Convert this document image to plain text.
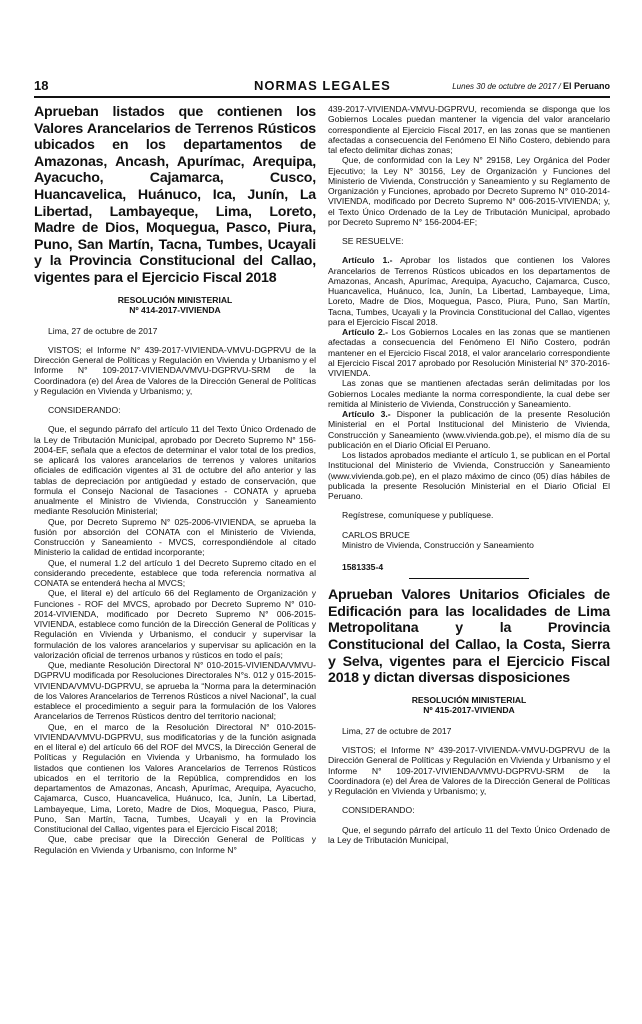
18	NORMAS LEGALES	Lunes 30 de octubre de 2017 / El Peruano
Aprueban listados que contienen los Valores Arancelarios de Terrenos Rústicos ubicados en los departamentos de Amazonas, Ancash, Apurímac, Arequipa, Ayacucho, Cajamarca, Cusco, Huancavelica, Huánuco, Ica, Junín, La Libertad, Lambayeque, Lima, Loreto, Madre de Dios, Moquegua, Pasco, Piura, Puno, San Martín, Tacna, Tumbes, Ucayali y la Provincia Constitucional del Callao, vigentes para el Ejercicio Fiscal 2018
RESOLUCIÓN MINISTERIAL
Nº 414-2017-VIVIENDA

Lima, 27 de octubre de 2017

VISTOS; el Informe N° 439-2017-VIVIENDA-VMVU-DGPRVU de la Dirección General de Políticas y Regulación en Vivienda y Urbanismo y el Informe N° 109-2017-VIVIENDA/VMVU-DGPRVU-SRM de la Coordinadora (e) del Área de Valores de la Dirección General de Políticas y Regulación en Vivienda y Urbanismo; y,

CONSIDERANDO:

Que, el segundo párrafo del artículo 11 del Texto Único Ordenado de la Ley de Tributación Municipal, aprobado por Decreto Supremo N° 156-2004-EF, señala que a efectos de determinar el valor total de los predios, se aplicará los valores arancelarios de terrenos y valores unitarios oficiales de edificación vigentes al 31 de octubre del año anterior y las tablas de depreciación por antigüedad y estado de conservación, que formula el Consejo Nacional de Tasaciones - CONATA y aprueba anualmente el Ministro de Vivienda, Construcción y Saneamiento mediante Resolución Ministerial;

Que, por Decreto Supremo N° 025-2006-VIVIENDA, se aprueba la fusión por absorción del CONATA con el Ministerio de Vivienda, Construcción y Saneamiento - MVCS, correspondiéndole al citado Ministerio la calidad de entidad incorporante;

Que, el numeral 1.2 del artículo 1 del Decreto Supremo citado en el considerando precedente, establece que toda referencia normativa al CONATA se entenderá hecha al MVCS;

Que, el literal e) del artículo 66 del Reglamento de Organización y Funciones - ROF del MVCS, aprobado por Decreto Supremo N° 010-2014-VIVIENDA, modificado por Decreto Supremo N° 006-2015-VIVIENDA, establece como función de la Dirección General de Políticas y Regulación en Vivienda y Urbanismo, el conducir y supervisar la formulación de los valores arancelarios y supervisar su aplicación en la valorización oficial de terrenos urbanos y rústicos en todo el país;

Que, mediante Resolución Directoral N° 010-2015-VIVIENDA/VMVU-DGPRVU modificada por Resoluciones Directorales N°s. 012 y 015-2015-VIVIENDA/VMVU-DGPRVU, se aprueba la “Norma para la determinación de los Valores Arancelarios de Terrenos Rústicos a nivel Nacional”, la cual establece el procedimiento a seguir para la formulación de los Valores Arancelarios de Terrenos Rústicos dentro del territorio nacional;

Que, en el marco de la Resolución Directoral N° 010-2015-VIVIENDA/VMVU-DGPRVU, sus modificatorias y de la función asignada en el literal e) del artículo 66 del ROF del MVCS, la Dirección General de Políticas y Regulación en Vivienda y Urbanismo, ha formulado los listados que contienen los Valores Arancelarios de Terrenos Rústicos ubicados en el territorio de la República, comprendidos en los departamentos de Amazonas, Ancash, Apurímac, Arequipa, Ayacucho, Cajamarca, Cusco, Huancavelica, Huánuco, Ica, Junín, La Libertad, Lambayeque, Lima, Loreto, Madre de Dios, Moquegua, Pasco, Piura, Puno, San Martín, Tacna, Tumbes, Ucayali y en la Provincia Constitucional del Callao, vigentes para el Ejercicio Fiscal 2018;

Que, cabe precisar que la Dirección General de Políticas y Regulación en Vivienda y Urbanismo, con Informe N°

439-2017-VIVIENDA-VMVU-DGPRVU, recomienda se disponga que los Gobiernos Locales puedan mantener la vigencia del valor arancelario correspondiente al Ejercicio Fiscal 2017, en las zonas que se mantienen afectadas a consecuencia del Fenómeno El Niño Costero, debiendo para tal efecto delimitar dichas zonas;

Que, de conformidad con la Ley N° 29158, Ley Orgánica del Poder Ejecutivo; la Ley N° 30156, Ley de Organización y Funciones del Ministerio de Vivienda, Construcción y Saneamiento y su Reglamento de Organización y Funciones, aprobado por Decreto Supremo N° 010-2014-VIVIENDA, modificado por Decreto Supremo N° 006-2015-VIVIENDA; y, el Texto Único Ordenado de la Ley de Tributación Municipal, aprobado por Decreto Supremo N° 156-2004-EF;

SE RESUELVE:

Artículo 1.- Aprobar los listados que contienen los Valores Arancelarios de Terrenos Rústicos ubicados en los departamentos de Amazonas, Ancash, Apurímac, Arequipa, Ayacucho, Cajamarca, Cusco, Huancavelica, Huánuco, Ica, Junín, La Libertad, Lambayeque, Lima, Loreto, Madre de Dios, Moquegua, Pasco, Piura, Puno, San Martín, Tacna, Tumbes, Ucayali y la Provincia Constitucional del Callao, vigentes para el Ejercicio Fiscal 2018.

Artículo 2.- Los Gobiernos Locales en las zonas que se mantienen afectadas a consecuencia del Fenómeno El Niño Costero, podrán mantener en el Ejercicio Fiscal 2018, el valor arancelario correspondiente al Ejercicio Fiscal 2017 aprobado por Resolución Ministerial N° 370-2016-VIVIENDA.

Las zonas que se mantienen afectadas serán delimitadas por los Gobiernos Locales mediante la norma correspondiente, la cual debe ser remitida al Ministerio de Vivienda, Construcción y Saneamiento.

Artículo 3.- Disponer la publicación de la presente Resolución Ministerial en el Portal Institucional del Ministerio de Vivienda, Construcción y Saneamiento (www.vivienda.gob.pe), el mismo día de su publicación en el Diario Oficial El Peruano.

Los listados aprobados mediante el artículo 1, se publican en el Portal Institucional del Ministerio de Vivienda, Construcción y Saneamiento (www.vivienda.gob.pe), en el plazo máximo de cinco (05) días hábiles de publicada la presente Resolución Ministerial en el Diario Oficial El Peruano.

Regístrese, comuníquese y publíquese.
CARLOS BRUCE
Ministro de Vivienda, Construcción y Saneamiento
1581335-4
Aprueban Valores Unitarios Oficiales de Edificación para las localidades de Lima Metropolitana y la Provincia Constitucional del Callao, la Costa, Sierra y Selva, vigentes para el Ejercicio Fiscal 2018 y dictan diversas disposiciones
RESOLUCIÓN MINISTERIAL
Nº 415-2017-VIVIENDA

Lima, 27 de octubre de 2017

VISTOS; el Informe N° 439-2017-VIVIENDA-VMVU-DGPRVU de la Dirección General de Políticas y Regulación en Vivienda y Urbanismo y el Informe N° 109-2017-VIVIENDA/VMVU-DGPRVU-SRM de la Coordinadora (e) del Área de Valores de la Dirección General de Políticas y Regulación en Vivienda y Urbanismo; y,

CONSIDERANDO:

Que, el segundo párrafo del artículo 11 del Texto Único Ordenado de la Ley de Tributación Municipal,
